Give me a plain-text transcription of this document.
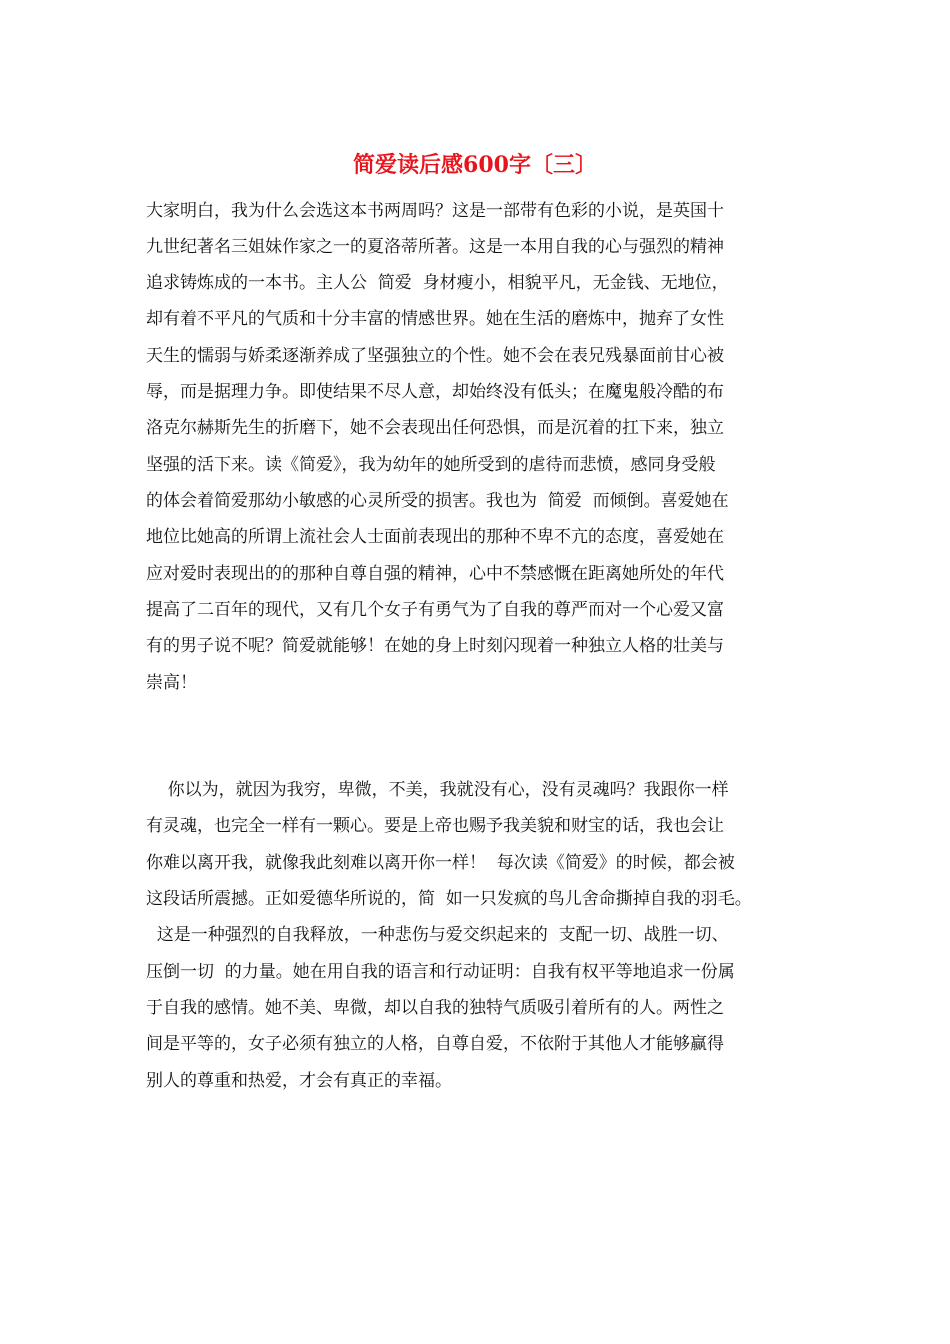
简爱读后感600字〔三〕

大家明白，我为什么会选这本书两周吗？这是一部带有色彩的小说，是英国十

九世纪著名三姐妹作家之一的夏洛蒂所著。这是一本用自我的心与强烈的精神

追求铸炼成的一本书。主人公  简爱  身材瘦小，相貌平凡，无金钱、无地位，

却有着不平凡的气质和十分丰富的情感世界。她在生活的磨炼中，抛弃了女性

天生的懦弱与娇柔逐渐养成了坚强独立的个性。她不会在表兄残暴面前甘心被

辱，而是据理力争。即使结果不尽人意，却始终没有低头；在魔鬼般冷酷的布

洛克尔赫斯先生的折磨下，她不会表现出任何恐惧，而是沉着的扛下来，独立

坚强的活下来。读《简爱》，我为幼年的她所受到的虐待而悲愤，感同身受般

的体会着简爱那幼小敏感的心灵所受的损害。我也为  简爱  而倾倒。喜爱她在

地位比她高的所谓上流社会人士面前表现出的那种不卑不亢的态度，喜爱她在

应对爱时表现出的的那种自尊自强的精神，心中不禁感慨在距离她所处的年代

提高了二百年的现代，又有几个女子有勇气为了自我的尊严而对一个心爱又富

有的男子说不呢？简爱就能够！在她的身上时刻闪现着一种独立人格的壮美与

崇高！

你以为，就因为我穷，卑微，不美，我就没有心，没有灵魂吗？我跟你一样

有灵魂，也完全一样有一颗心。要是上帝也赐予我美貌和财宝的话，我也会让

你难以离开我，就像我此刻难以离开你一样！  每次读《简爱》的时候，都会被

这段话所震撼。正如爱德华所说的，简  如一只发疯的鸟儿舍命撕掉自我的羽毛。

这是一种强烈的自我释放，一种悲伤与爱交织起来的  支配一切、战胜一切、

压倒一切  的力量。她在用自我的语言和行动证明：自我有权平等地追求一份属

于自我的感情。她不美、卑微，却以自我的独特气质吸引着所有的人。两性之

间是平等的，女子必须有独立的人格，自尊自爱，不依附于其他人才能够赢得

别人的尊重和热爱，才会有真正的幸福。
